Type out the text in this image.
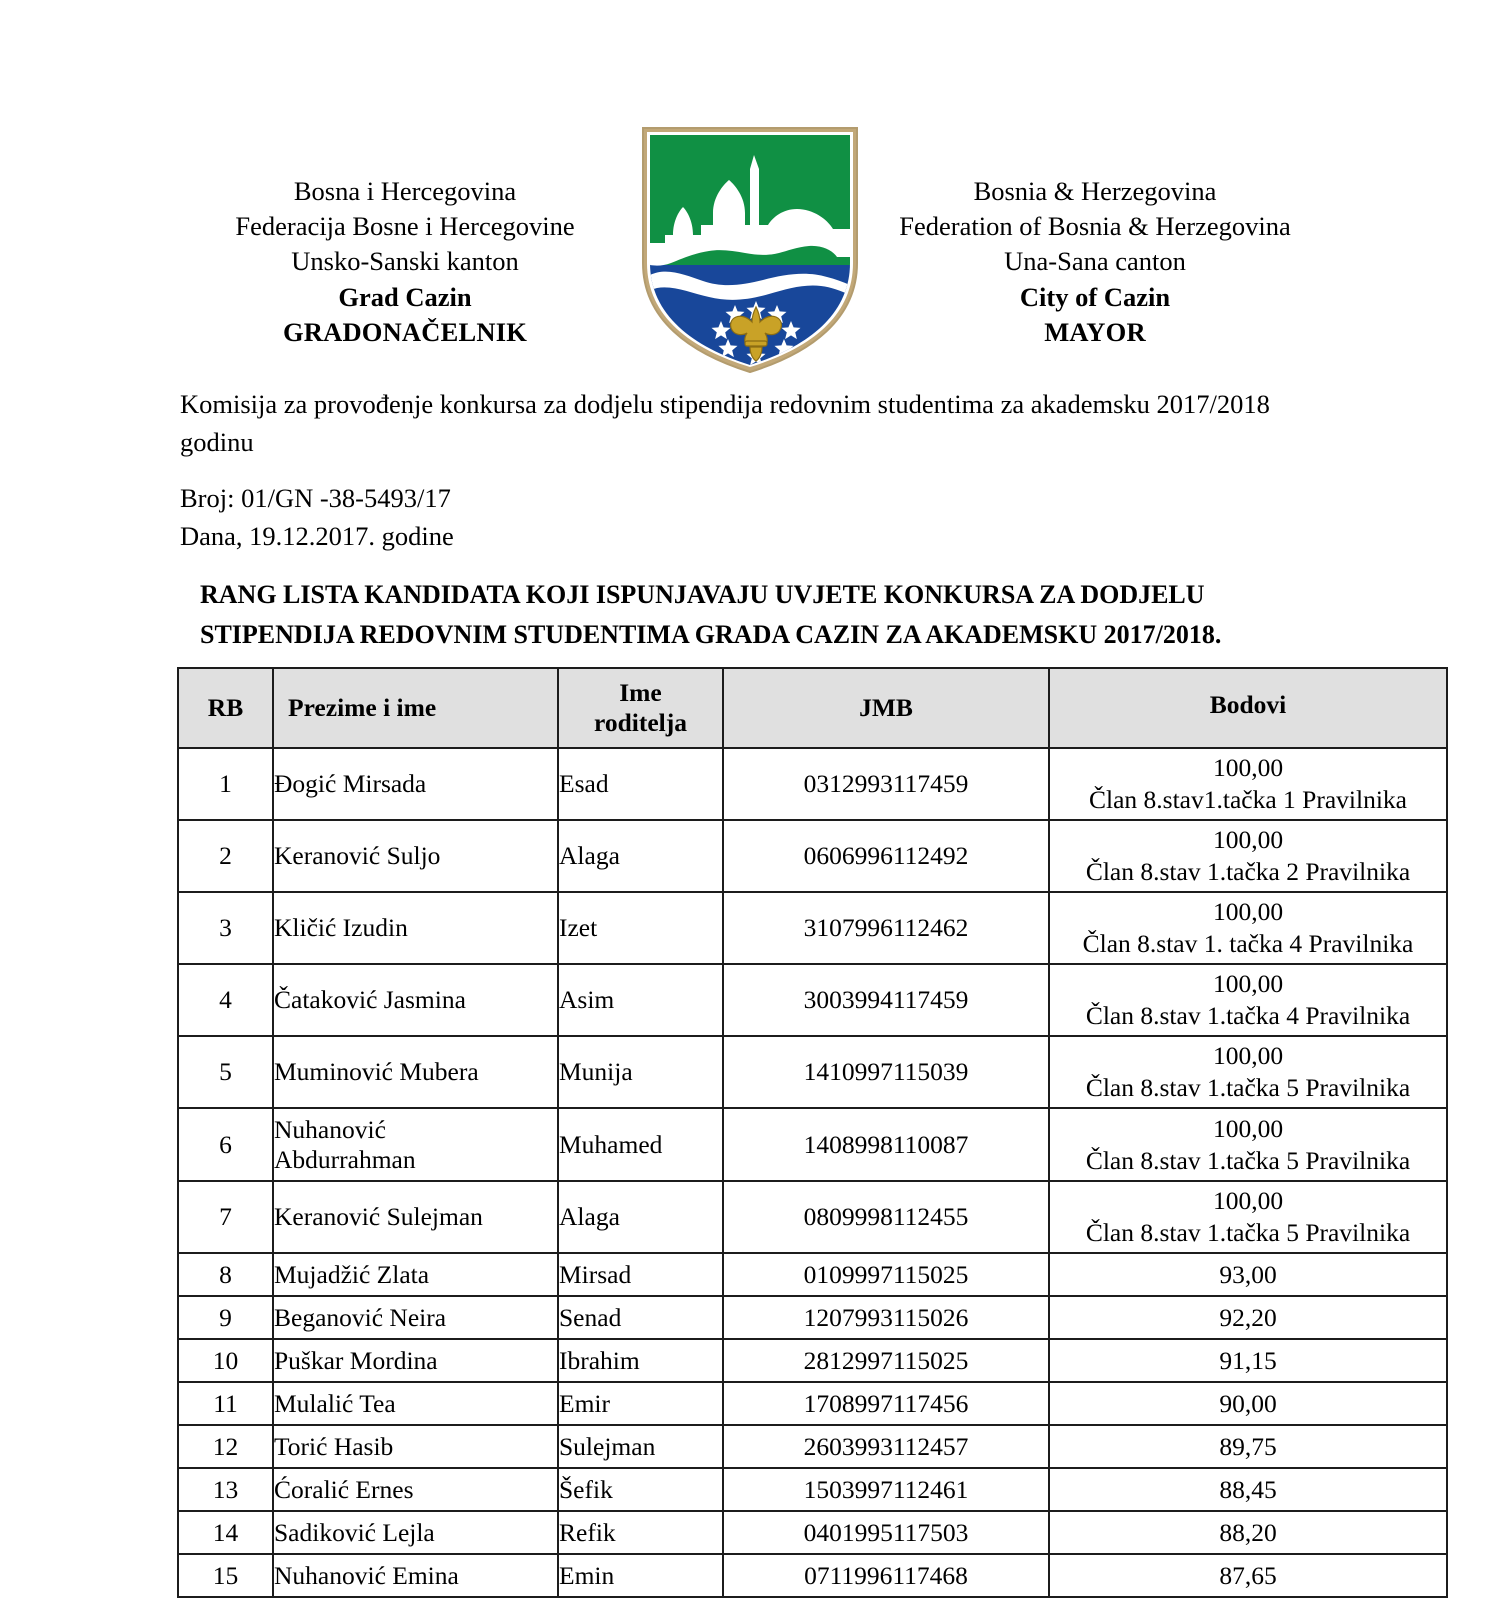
Bosna i Hercegovina
Federacija Bosne i Hercegovine
Unsko-Sanski kanton
Grad Cazin
GRADONAČELNIK
Bosnia & Herzegovina
Federation of Bosnia & Herzegovina
Una-Sana canton
City of Cazin
MAYOR
Komisija za provođenje konkursa za dodjelu stipendija redovnim studentima za akademsku 2017/2018 godinu
Broj: 01/GN -38-5493/17
Dana, 19.12.2017. godine
RANG LISTA KANDIDATA KOJI ISPUNJAVAJU UVJETE KONKURSA ZA DODJELU
STIPENDIJA REDOVNIM STUDENTIMA GRADA CAZIN ZA AKADEMSKU 2017/2018.
RB	Prezime i ime	Ime
roditelja	JMB	Bodovi

1	Đogić Mirsada	Esad	0312993117459	100,00
Član 8.stav1.tačka 1 Pravilnika

2	Keranović Suljo	Alaga	0606996112492	100,00
Član 8.stav 1.tačka 2 Pravilnika

3	Kličić Izudin	Izet	3107996112462	100,00
Član 8.stav 1. tačka 4 Pravilnika

4	Čataković Jasmina	Asim	3003994117459	100,00
Član 8.stav 1.tačka 4 Pravilnika

5	Muminović Mubera	Munija	1410997115039	100,00
Član 8.stav 1.tačka 5 Pravilnika

6	Nuhanović
Abdurrahman	Muhamed	1408998110087	100,00
Član 8.stav 1.tačka 5 Pravilnika

7	Keranović Sulejman	Alaga	0809998112455	100,00
Član 8.stav 1.tačka 5 Pravilnika

8	Mujadžić Zlata	Mirsad	0109997115025	93,00

9	Beganović Neira	Senad	1207993115026	92,20

10	Puškar Mordina	Ibrahim	2812997115025	91,15

11	Mulalić Tea	Emir	1708997117456	90,00

12	Torić Hasib	Sulejman	2603993112457	89,75

13	Ćoralić Ernes	Šefik	1503997112461	88,45

14	Sadiković Lejla	Refik	0401995117503	88,20

15	Nuhanović Emina	Emin	0711996117468	87,65
